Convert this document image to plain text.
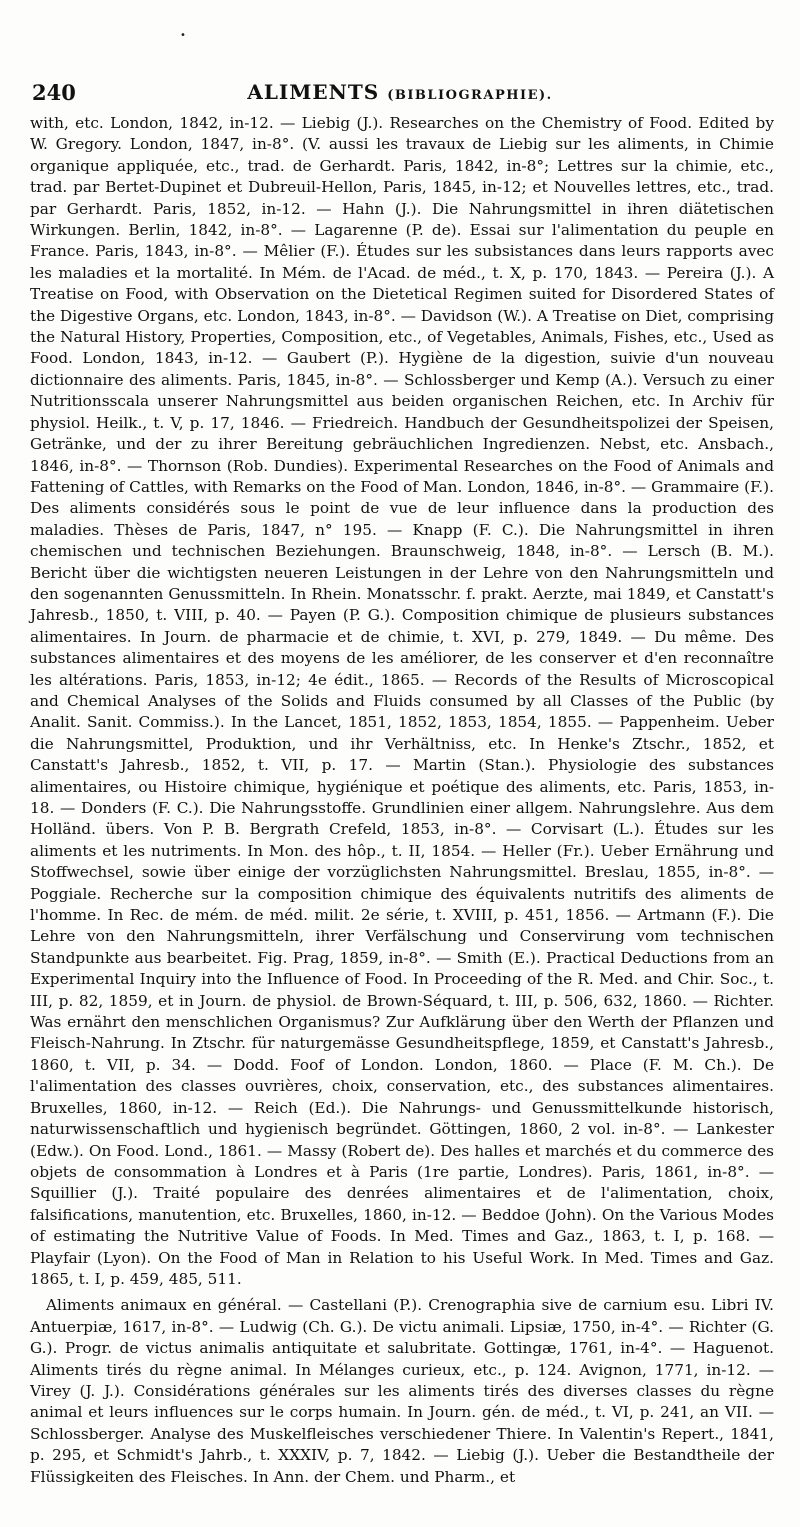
•
240	ALIMENTS (BIBLIOGRAPHIE).

with, etc. London, 1842, in-12. — Liebig (J.). Researches on the Chemistry of Food. Edited by W. Gregory. London, 1847, in-8°. (V. aussi les travaux de Liebig sur les aliments, in Chimie organique appliquée, etc., trad. de Gerhardt. Paris, 1842, in-8°; Lettres sur la chimie, etc., trad. par Bertet-Dupinet et Dubreuil-Hellon, Paris, 1845, in-12; et Nouvelles lettres, etc., trad. par Gerhardt. Paris, 1852, in-12. — Hahn (J.). Die Nahrungsmittel in ihren diätetischen Wirkungen. Berlin, 1842, in-8°. — Lagarenne (P. de). Essai sur l'alimentation du peuple en France. Paris, 1843, in-8°. — Mêlier (F.). Études sur les subsistances dans leurs rapports avec les maladies et la mortalité. In Mém. de l'Acad. de méd., t. X, p. 170, 1843. — Pereira (J.). A Treatise on Food, with Observation on the Dietetical Regimen suited for Disordered States of the Digestive Organs, etc. London, 1843, in-8°. — Davidson (W.). A Treatise on Diet, comprising the Natural History, Properties, Composition, etc., of Vegetables, Animals, Fishes, etc., Used as Food. London, 1843, in-12. — Gaubert (P.). Hygiène de la digestion, suivie d'un nouveau dictionnaire des aliments. Paris, 1845, in-8°. — Schlossberger und Kemp (A.). Versuch zu einer Nutritionsscala unserer Nahrungsmittel aus beiden organischen Reichen, etc. In Archiv für physiol. Heilk., t. V, p. 17, 1846. — Friedreich. Handbuch der Gesundheitspolizei der Speisen, Getränke, und der zu ihrer Bereitung gebräuchlichen Ingredienzen. Nebst, etc. Ansbach., 1846, in-8°. — Thornson (Rob. Dundies). Experimental Researches on the Food of Animals and Fattening of Cattles, with Remarks on the Food of Man. London, 1846, in-8°. — Grammaire (F.). Des aliments considérés sous le point de vue de leur influence dans la production des maladies. Thèses de Paris, 1847, n° 195. — Knapp (F. C.). Die Nahrungsmittel in ihren chemischen und technischen Beziehungen. Braunschweig, 1848, in-8°. — Lersch (B. M.). Bericht über die wichtigsten neueren Leistungen in der Lehre von den Nahrungsmitteln und den sogenannten Genussmitteln. In Rhein. Monatsschr. f. prakt. Aerzte, mai 1849, et Canstatt's Jahresb., 1850, t. VIII, p. 40. — Payen (P. G.). Composition chimique de plusieurs substances alimentaires. In Journ. de pharmacie et de chimie, t. XVI, p. 279, 1849. — Du même. Des substances alimentaires et des moyens de les améliorer, de les conserver et d'en reconnaître les altérations. Paris, 1853, in-12; 4e édit., 1865. — Records of the Results of Microscopical and Chemical Analyses of the Solids and Fluids consumed by all Classes of the Public (by Analit. Sanit. Commiss.). In the Lancet, 1851, 1852, 1853, 1854, 1855. — Pappenheim. Ueber die Nahrungsmittel, Produktion, und ihr Verhältniss, etc. In Henke's Ztschr., 1852, et Canstatt's Jahresb., 1852, t. VII, p. 17. — Martin (Stan.). Physiologie des substances alimentaires, ou Histoire chimique, hygiénique et poétique des aliments, etc. Paris, 1853, in-18. — Donders (F. C.). Die Nahrungsstoffe. Grundlinien einer allgem. Nahrungslehre. Aus dem Holländ. übers. Von P. B. Bergrath Crefeld, 1853, in-8°. — Corvisart (L.). Études sur les aliments et les nutriments. In Mon. des hôp., t. II, 1854. — Heller (Fr.). Ueber Ernährung und Stoffwechsel, sowie über einige der vorzüglichsten Nahrungsmittel. Breslau, 1855, in-8°. — Poggiale. Recherche sur la composition chimique des équivalents nutritifs des aliments de l'homme. In Rec. de mém. de méd. milit. 2e série, t. XVIII, p. 451, 1856. — Artmann (F.). Die Lehre von den Nahrungsmitteln, ihrer Verfälschung und Conservirung vom technischen Standpunkte aus bearbeitet. Fig. Prag, 1859, in-8°. — Smith (E.). Practical Deductions from an Experimental Inquiry into the Influence of Food. In Proceeding of the R. Med. and Chir. Soc., t. III, p. 82, 1859, et in Journ. de physiol. de Brown-Séquard, t. III, p. 506, 632, 1860. — Richter. Was ernährt den menschlichen Organismus? Zur Aufklärung über den Werth der Pflanzen und Fleisch-Nahrung. In Ztschr. für naturgemässe Gesundheitspflege, 1859, et Canstatt's Jahresb., 1860, t. VII, p. 34. — Dodd. Foof of London. London, 1860. — Place (F. M. Ch.). De l'alimentation des classes ouvrières, choix, conservation, etc., des substances alimentaires. Bruxelles, 1860, in-12. — Reich (Ed.). Die Nahrungs- und Genussmittelkunde historisch, naturwissenschaftlich und hygienisch begründet. Göttingen, 1860, 2 vol. in-8°. — Lankester (Edw.). On Food. Lond., 1861. — Massy (Robert de). Des halles et marchés et du commerce des objets de consommation à Londres et à Paris (1re partie, Londres). Paris, 1861, in-8°. — Squillier (J.). Traité populaire des denrées alimentaires et de l'alimentation, choix, falsifications, manutention, etc. Bruxelles, 1860, in-12. — Beddoe (John). On the Various Modes of estimating the Nutritive Value of Foods. In Med. Times and Gaz., 1863, t. I, p. 168. — Playfair (Lyon). On the Food of Man in Relation to his Useful Work. In Med. Times and Gaz. 1865, t. I, p. 459, 485, 511.

Aliments animaux en général. — Castellani (P.). Crenographia sive de carnium esu. Libri IV. Antuerpiæ, 1617, in-8°. — Ludwig (Ch. G.). De victu animali. Lipsiæ, 1750, in-4°. — Richter (G. G.). Progr. de victus animalis antiquitate et salubritate. Gottingæ, 1761, in-4°. — Haguenot. Aliments tirés du règne animal. In Mélanges curieux, etc., p. 124. Avignon, 1771, in-12. — Virey (J. J.). Considérations générales sur les aliments tirés des diverses classes du règne animal et leurs influences sur le corps humain. In Journ. gén. de méd., t. VI, p. 241, an VII. — Schlossberger. Analyse des Muskelfleisches verschiedener Thiere. In Valentin's Repert., 1841, p. 295, et Schmidt's Jahrb., t. XXXIV, p. 7, 1842. — Liebig (J.). Ueber die Bestandtheile der Flüssigkeiten des Fleisches. In Ann. der Chem. und Pharm., et
